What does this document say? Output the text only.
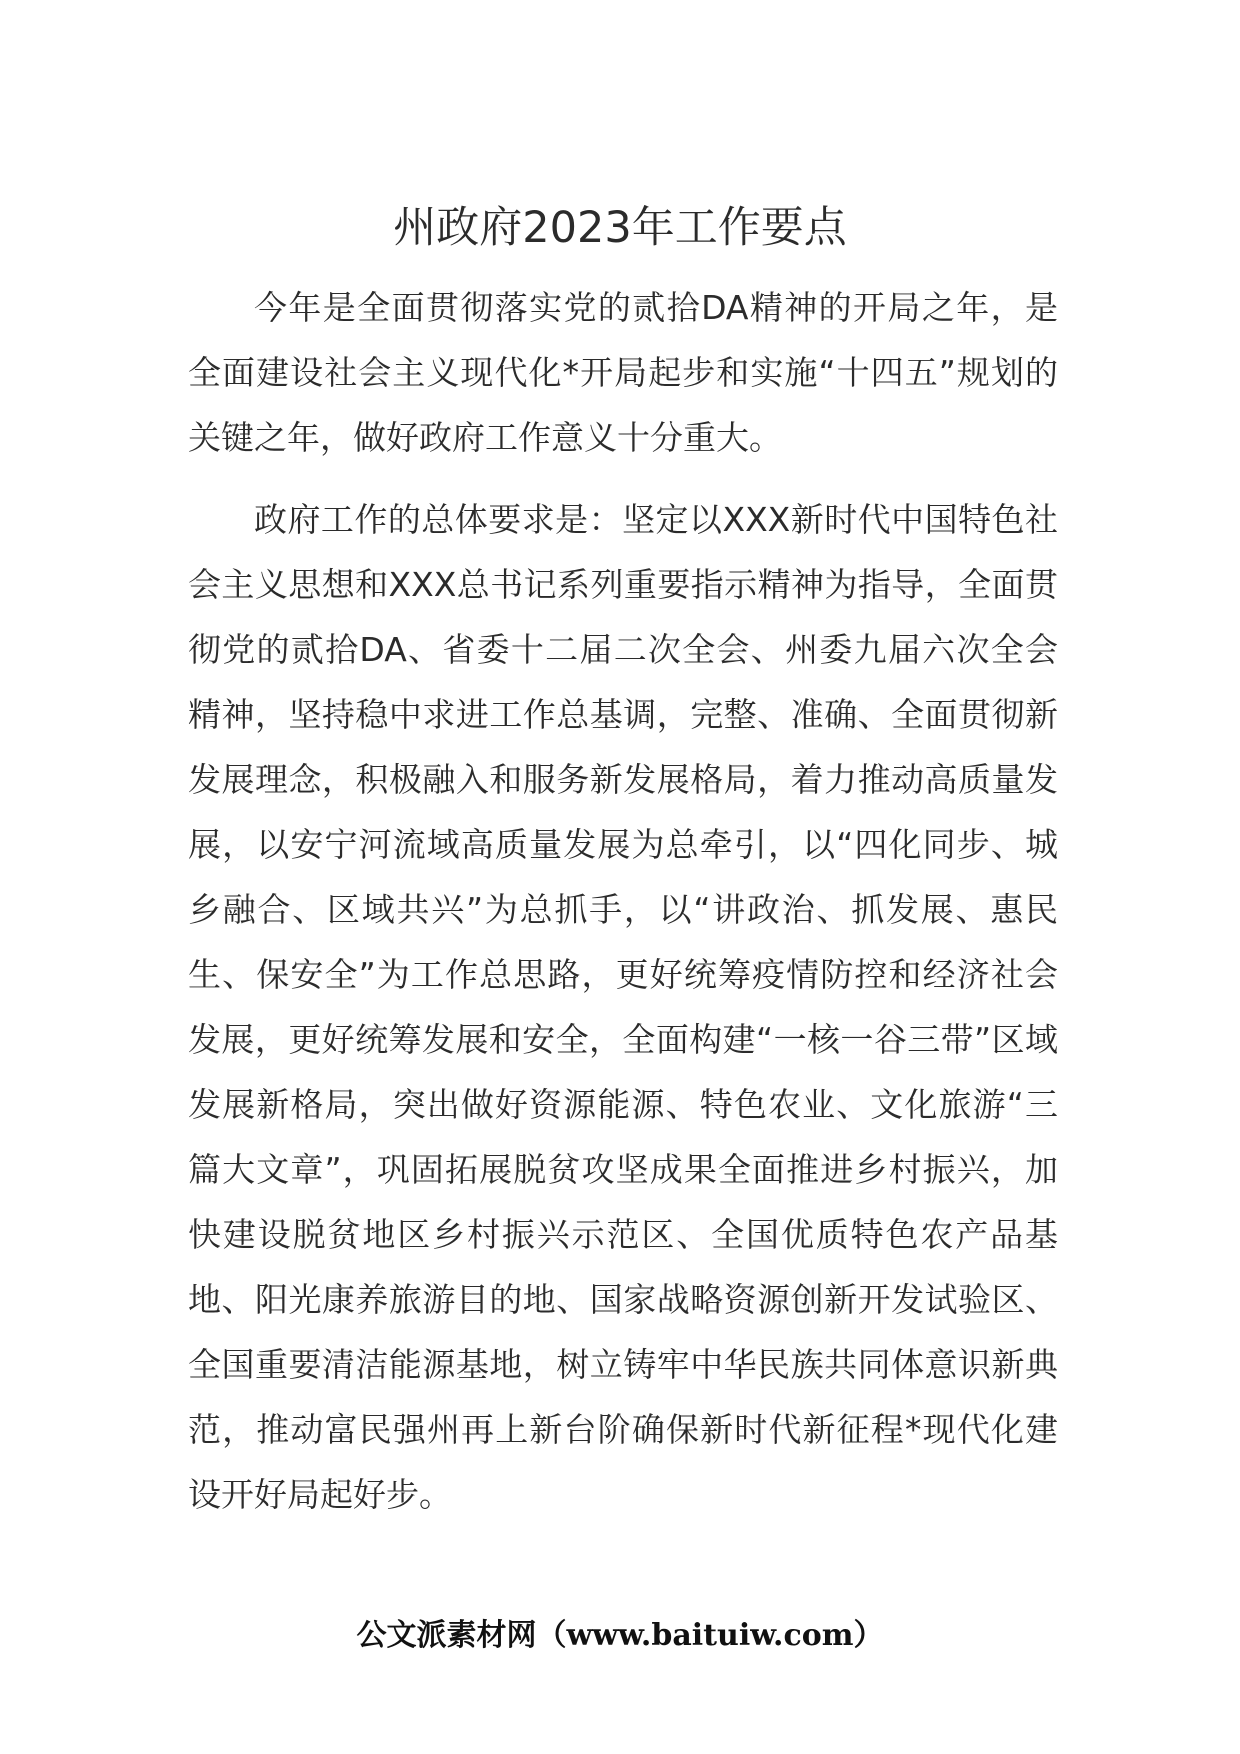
州政府2023年工作要点

今年是全面贯彻落实党的贰拾DA精神的开局之年，是全面建设社会主义现代化*开局起步和实施“十四五”规划的关键之年，做好政府工作意义十分重大。

政府工作的总体要求是：坚定以XXX新时代中国特色社会主义思想和XXX总书记系列重要指示精神为指导，全面贯彻党的贰拾DA、省委十二届二次全会、州委九届六次全会精神，坚持稳中求进工作总基调，完整、准确、全面贯彻新发展理念，积极融入和服务新发展格局，着力推动高质量发展，以安宁河流域高质量发展为总牵引，以“四化同步、城乡融合、区域共兴”为总抓手，以“讲政治、抓发展、惠民生、保安全”为工作总思路，更好统筹疫情防控和经济社会发展，更好统筹发展和安全，全面构建“一核一谷三带”区域发展新格局，突出做好资源能源、特色农业、文化旅游“三篇大文章”，巩固拓展脱贫攻坚成果全面推进乡村振兴，加快建设脱贫地区乡村振兴示范区、全国优质特色农产品基地、阳光康养旅游目的地、国家战略资源创新开发试验区、全国重要清洁能源基地，树立铸牢中华民族共同体意识新典范，推动富民强州再上新台阶确保新时代新征程*现代化建设开好局起好步。

公文派素材网（www.baituiw.com）
